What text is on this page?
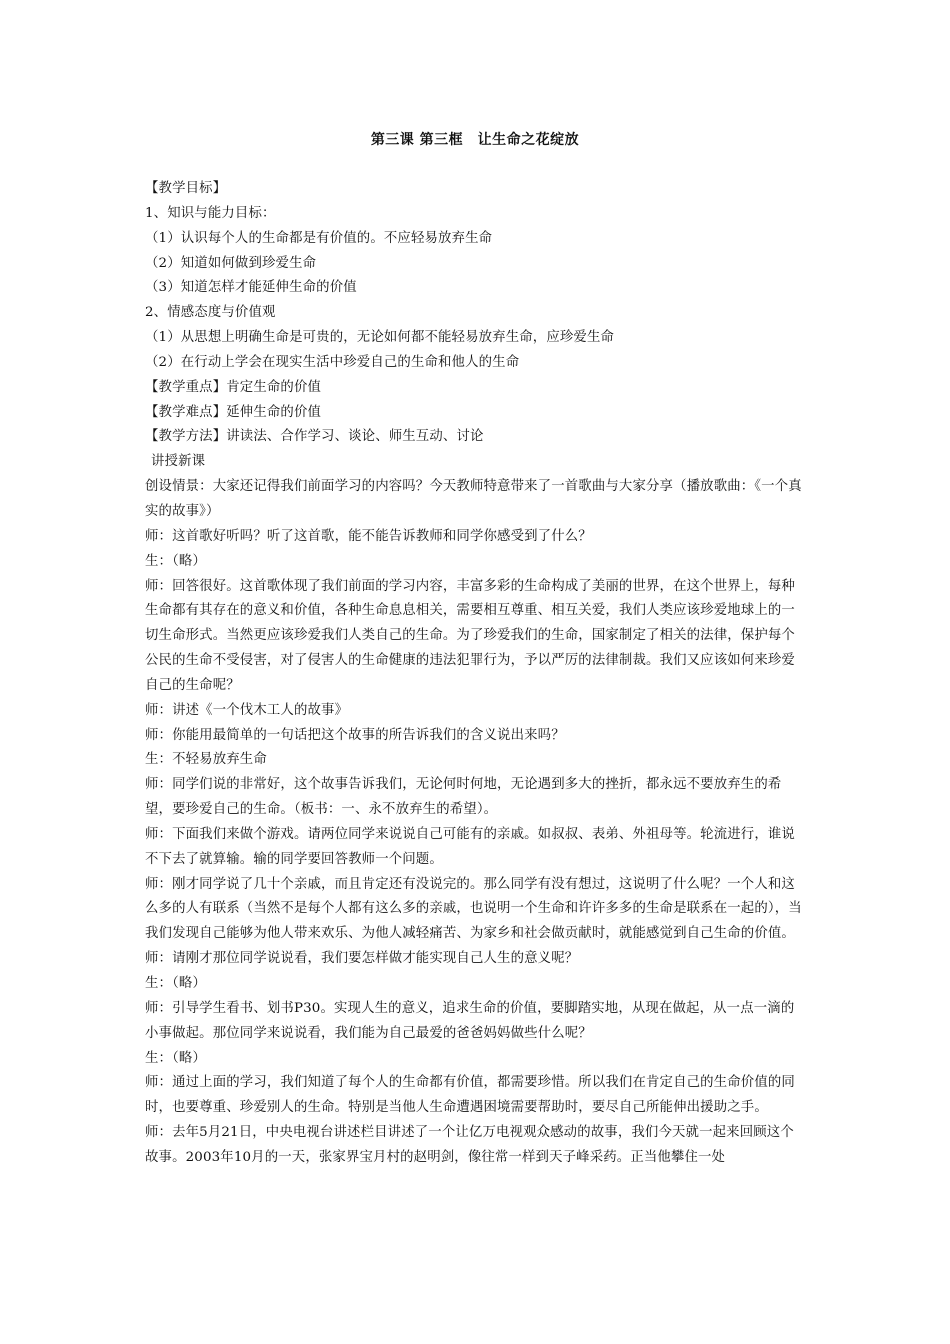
第三课 第三框　让生命之花绽放

【教学目标】

1、知识与能力目标：

（1）认识每个人的生命都是有价值的。不应轻易放弃生命

（2）知道如何做到珍爱生命

（3）知道怎样才能延伸生命的价值

2、情感态度与价值观

（1）从思想上明确生命是可贵的，无论如何都不能轻易放弃生命，应珍爱生命

（2）在行动上学会在现实生活中珍爱自己的生命和他人的生命

【教学重点】肯定生命的价值

【教学难点】延伸生命的价值

【教学方法】讲读法、合作学习、谈论、师生互动、讨论

讲授新课

创设情景：大家还记得我们前面学习的内容吗？今天教师特意带来了一首歌曲与大家分享（播放歌曲：《一个真实的故事》）

师：这首歌好听吗？听了这首歌，能不能告诉教师和同学你感受到了什么？

生：（略）

师：回答很好。这首歌体现了我们前面的学习内容，丰富多彩的生命构成了美丽的世界，在这个世界上，每种生命都有其存在的意义和价值，各种生命息息相关，需要相互尊重、相互关爱，我们人类应该珍爱地球上的一切生命形式。当然更应该珍爱我们人类自己的生命。为了珍爱我们的生命，国家制定了相关的法律，保护每个公民的生命不受侵害，对了侵害人的生命健康的违法犯罪行为，予以严厉的法律制裁。我们又应该如何来珍爱自己的生命呢？

师：讲述《一个伐木工人的故事》

师：你能用最简单的一句话把这个故事的所告诉我们的含义说出来吗？

生：不轻易放弃生命

师：同学们说的非常好，这个故事告诉我们，无论何时何地，无论遇到多大的挫折，都永远不要放弃生的希望，要珍爱自己的生命。（板书：一、永不放弃生的希望）。

师：下面我们来做个游戏。请两位同学来说说自己可能有的亲戚。如叔叔、表弟、外祖母等。轮流进行，谁说不下去了就算输。输的同学要回答教师一个问题。

师：刚才同学说了几十个亲戚，而且肯定还有没说完的。那么同学有没有想过，这说明了什么呢？一个人和这么多的人有联系（当然不是每个人都有这么多的亲戚，也说明一个生命和许许多多的生命是联系在一起的），当我们发现自己能够为他人带来欢乐、为他人减轻痛苦、为家乡和社会做贡献时，就能感觉到自己生命的价值。

师：请刚才那位同学说说看，我们要怎样做才能实现自己人生的意义呢？

生：（略）

师：引导学生看书、划书P30。实现人生的意义，追求生命的价值，要脚踏实地，从现在做起，从一点一滴的小事做起。那位同学来说说看，我们能为自己最爱的爸爸妈妈做些什么呢？

生：（略）

师：通过上面的学习，我们知道了每个人的生命都有价值，都需要珍惜。所以我们在肯定自己的生命价值的同时，也要尊重、珍爱别人的生命。特别是当他人生命遭遇困境需要帮助时，要尽自己所能伸出援助之手。

师：去年5月21日，中央电视台讲述栏目讲述了一个让亿万电视观众感动的故事，我们今天就一起来回顾这个故事。2003年10月的一天，张家界宝月村的赵明剑，像往常一样到天子峰采药。正当他攀住一处
